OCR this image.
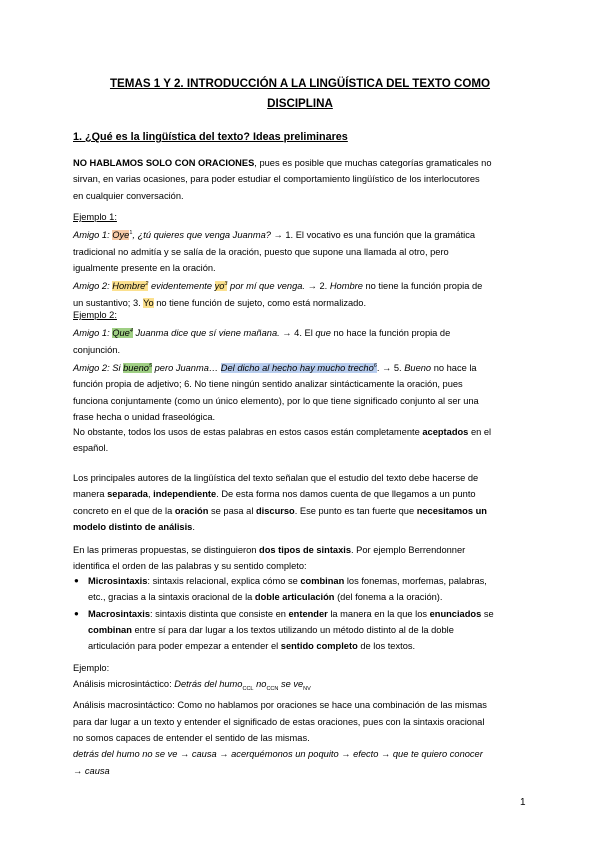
TEMAS 1 Y 2. INTRODUCCIÓN A LA LINGÜÍSTICA DEL TEXTO COMO
DISCIPLINA
1. ¿Qué es la lingüística del texto? Ideas preliminares
NO HABLAMOS SOLO CON ORACIONES, pues es posible que muchas categorías gramaticales no
sirvan, en varias ocasiones, para poder estudiar el comportamiento lingüístico de los interlocutores
en cualquier conversación.
Ejemplo 1:
Amigo 1: Oye$^1$, ¿tú quieres que venga Juanma? → 1. El vocativo es una función que la gramática
tradicional no admitía y se salía de la oración, puesto que supone una llamada al otro, pero
igualmente presente en la oración.
Amigo 2: Hombre$^2$ evidentemente $yo^3$ por mí que venga. → 2. Hombre no tiene la función propia de
un sustantivo; 3. Yo no tiene función de sujeto, como está normalizado.
Ejemplo 2:
Amigo 1: Que$^4$ Juanma dice que sí viene mañana. → 4. El que no hace la función propia de
conjunción.
Amigo 2: Si bueno$^5$ pero Juanma… Del dicho al hecho hay mucho trecho$^6$. → 5. Bueno no hace la
función propia de adjetivo; 6. No tiene ningún sentido analizar sintácticamente la oración, pues
funciona conjuntamente (como un único elemento), por lo que tiene significado conjunto al ser una
frase hecha o unidad fraseológica.
No obstante, todos los usos de estas palabras en estos casos están completamente aceptados en el
español.
Los principales autores de la lingüística del texto señalan que el estudio del texto debe hacerse de
manera separada, independiente. De esta forma nos damos cuenta de que llegamos a un punto
concreto en el que de la oración se pasa al discurso. Ese punto es tan fuerte que necesitamos un
modelo distinto de análisis.
En las primeras propuestas, se distinguieron dos tipos de sintaxis. Por ejemplo Berrendonner
identifica el orden de las palabras y su sentido completo:
● Microsintaxis: sintaxis relacional, explica cómo se combinan los fonemas, morfemas, palabras,
etc., gracias a la sintaxis oracional de la doble articulación (del fonema a la oración).
● Macrosintaxis: sintaxis distinta que consiste en entender la manera en la que los enunciados se
combinan entre sí para dar lugar a los textos utilizando un método distinto al de la doble
articulación para poder empezar a entender el sentido completo de los textos.
Ejemplo:
Análisis microsintáctico: Detrás del humo$_{CCL}$ $no_{CCN}$ se $ve_{NV}$
Análisis macrosintáctico: Como no hablamos por oraciones se hace una combinación de las mismas
para dar lugar a un texto y entender el significado de estas oraciones, pues con la sintaxis oracional
no somos capaces de entender el sentido de las mismas.
detrás del humo no se ve → causa → acerquémonos un poquito → efecto → que te quiero conocer
→ causa
1
